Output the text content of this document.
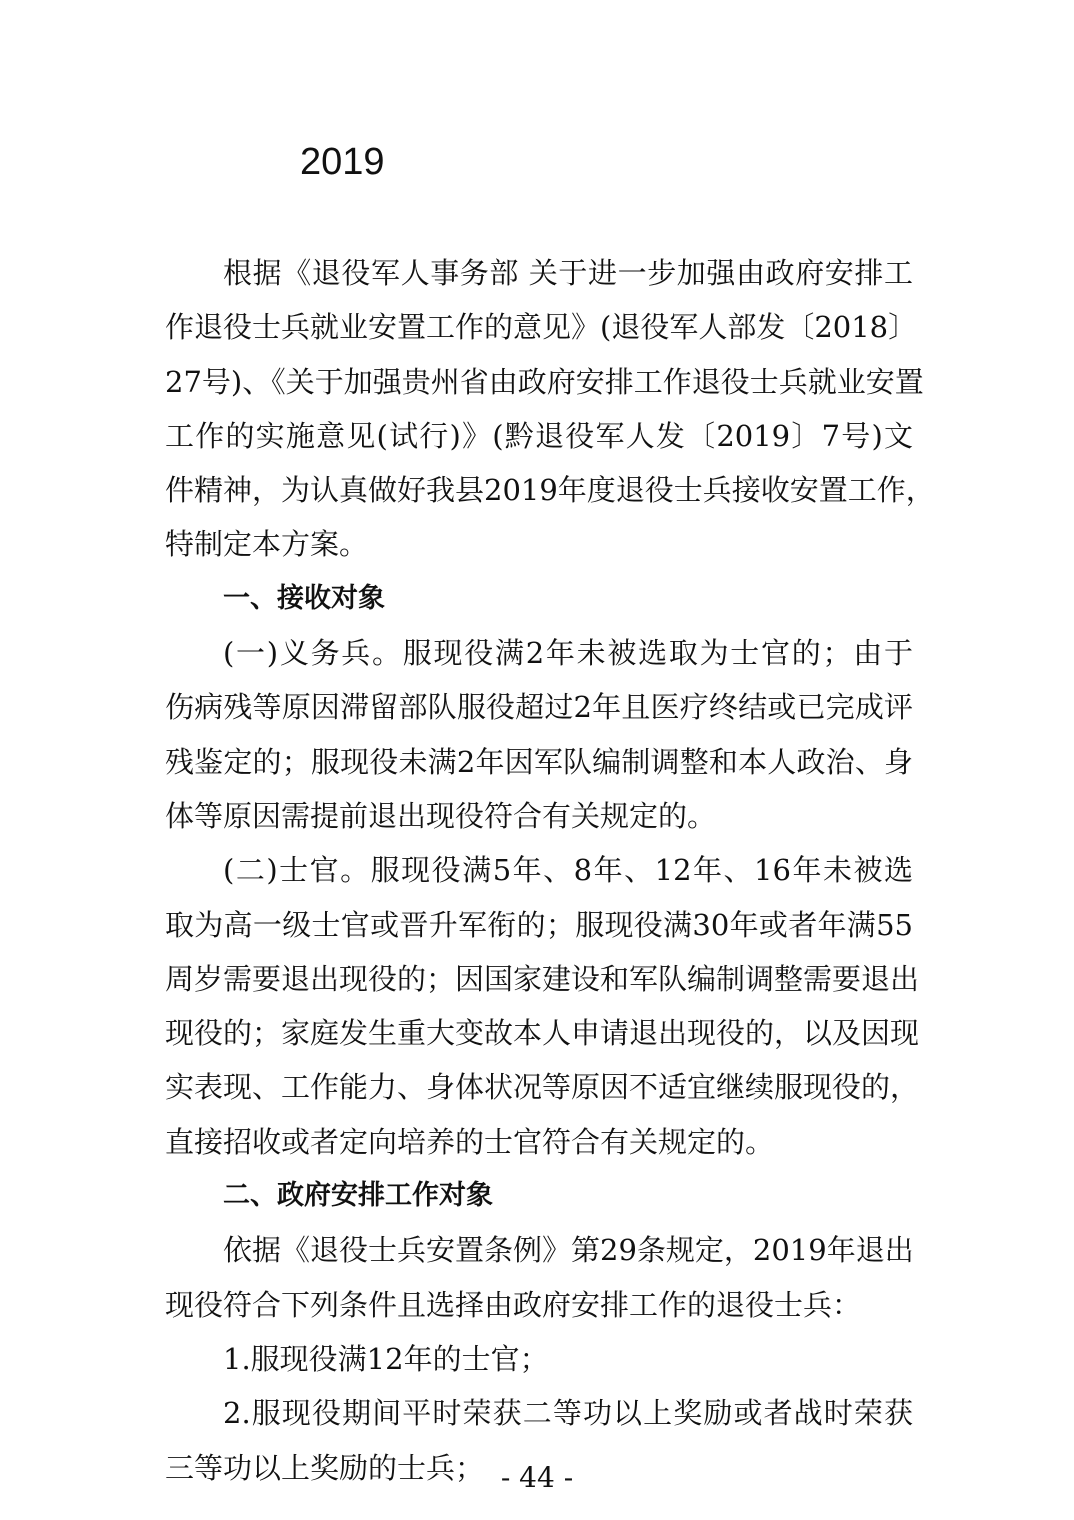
2019

根据《退役军人事务部 关于进一步加强由政府安排工

作退役士兵就业安置工作的意见》(退役军人部发〔2018〕

27号)、《关于加强贵州省由政府安排工作退役士兵就业安置

工作的实施意见(试行)》(黔退役军人发〔2019〕7号)文

件精神，为认真做好我县2019年度退役士兵接收安置工作，

特制定本方案。

一、接收对象

(一)义务兵。服现役满2年未被选取为士官的；由于

伤病残等原因滞留部队服役超过2年且医疗终结或已完成评

残鉴定的；服现役未满2年因军队编制调整和本人政治、身

体等原因需提前退出现役符合有关规定的。

(二)士官。服现役满5年、8年、12年、16年未被选

取为高一级士官或晋升军衔的；服现役满30年或者年满55

周岁需要退出现役的；因国家建设和军队编制调整需要退出

现役的；家庭发生重大变故本人申请退出现役的，以及因现

实表现、工作能力、身体状况等原因不适宜继续服现役的，

直接招收或者定向培养的士官符合有关规定的。

二、政府安排工作对象

依据《退役士兵安置条例》第29条规定，2019年退出

现役符合下列条件且选择由政府安排工作的退役士兵：

1.服现役满12年的士官；

2.服现役期间平时荣获二等功以上奖励或者战时荣获

三等功以上奖励的士兵； - 44 -
